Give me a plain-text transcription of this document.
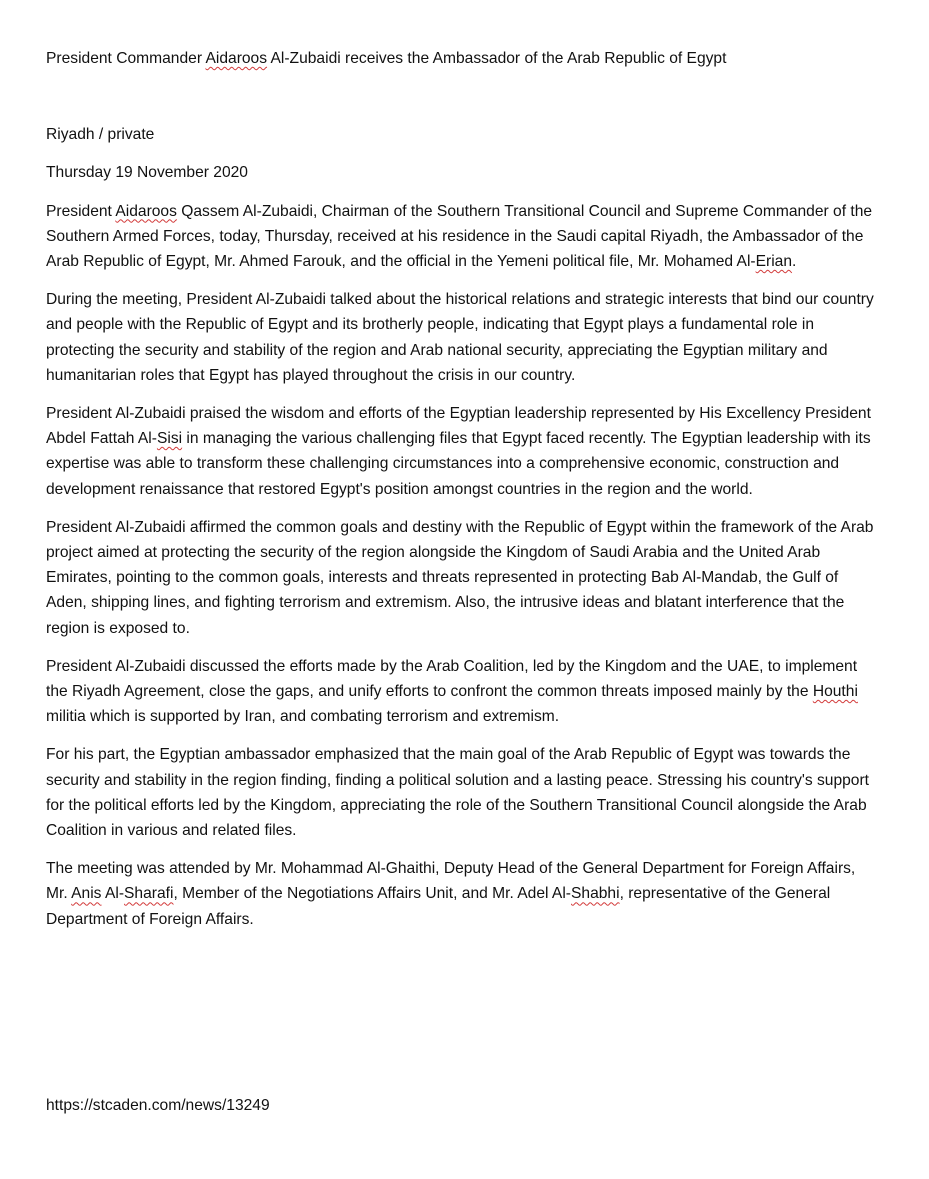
President Commander Aidaroos Al-Zubaidi receives the Ambassador of the Arab Republic of Egypt

Riyadh / private

Thursday 19 November 2020

President Aidaroos Qassem Al-Zubaidi, Chairman of the Southern Transitional Council and Supreme Commander of the Southern Armed Forces, today, Thursday, received at his residence in the Saudi capital Riyadh, the Ambassador of the Arab Republic of Egypt, Mr. Ahmed Farouk, and the official in the Yemeni political file, Mr. Mohamed Al-Erian.

During the meeting, President Al-Zubaidi talked about the historical relations and strategic interests that bind our country and people with the Republic of Egypt and its brotherly people, indicating that Egypt plays a fundamental role in protecting the security and stability of the region and Arab national security, appreciating the Egyptian military and humanitarian roles that Egypt has played throughout the crisis in our country.

President Al-Zubaidi praised the wisdom and efforts of the Egyptian leadership represented by His Excellency President Abdel Fattah Al-Sisi in managing the various challenging files that Egypt faced recently. The Egyptian leadership with its expertise was able to transform these challenging circumstances into a comprehensive economic, construction and development renaissance that restored Egypt's position amongst countries in the region and the world.

President Al-Zubaidi affirmed the common goals and destiny with the Republic of Egypt within the framework of the Arab project aimed at protecting the security of the region alongside the Kingdom of Saudi Arabia and the United Arab Emirates, pointing to the common goals, interests and threats represented in protecting Bab Al-Mandab, the Gulf of Aden, shipping lines, and fighting terrorism and extremism. Also, the intrusive ideas and blatant interference that the region is exposed to.

President Al-Zubaidi discussed the efforts made by the Arab Coalition, led by the Kingdom and the UAE, to implement the Riyadh Agreement, close the gaps, and unify efforts to confront the common threats imposed mainly by the Houthi militia which is supported by Iran, and combating terrorism and extremism.

For his part, the Egyptian ambassador emphasized that the main goal of the Arab Republic of Egypt was towards the security and stability in the region finding, finding a political solution and a lasting peace. Stressing his country's support for the political efforts led by the Kingdom, appreciating the role of the Southern Transitional Council alongside the Arab Coalition in various and related files.

The meeting was attended by Mr. Mohammad Al-Ghaithi, Deputy Head of the General Department for Foreign Affairs, Mr. Anis Al-Sharafi, Member of the Negotiations Affairs Unit, and Mr. Adel Al-Shabhi, representative of the General Department of Foreign Affairs.

https://stcaden.com/news/13249
